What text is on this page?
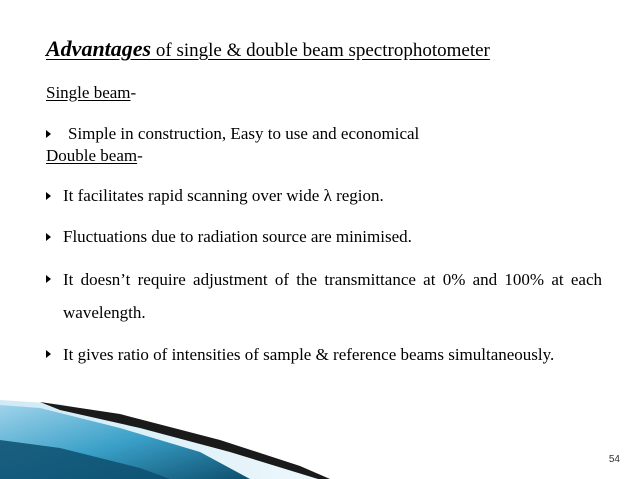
Advantages of single & double beam spectrophotometer
Single beam-
Simple in construction, Easy to use and economical
Double beam-
It facilitates rapid scanning over wide λ region.
Fluctuations due to radiation source are minimised.
It doesn’t require adjustment of the transmittance at 0% and 100% at each wavelength.
It gives ratio of intensities of sample & reference beams simultaneously.
54
